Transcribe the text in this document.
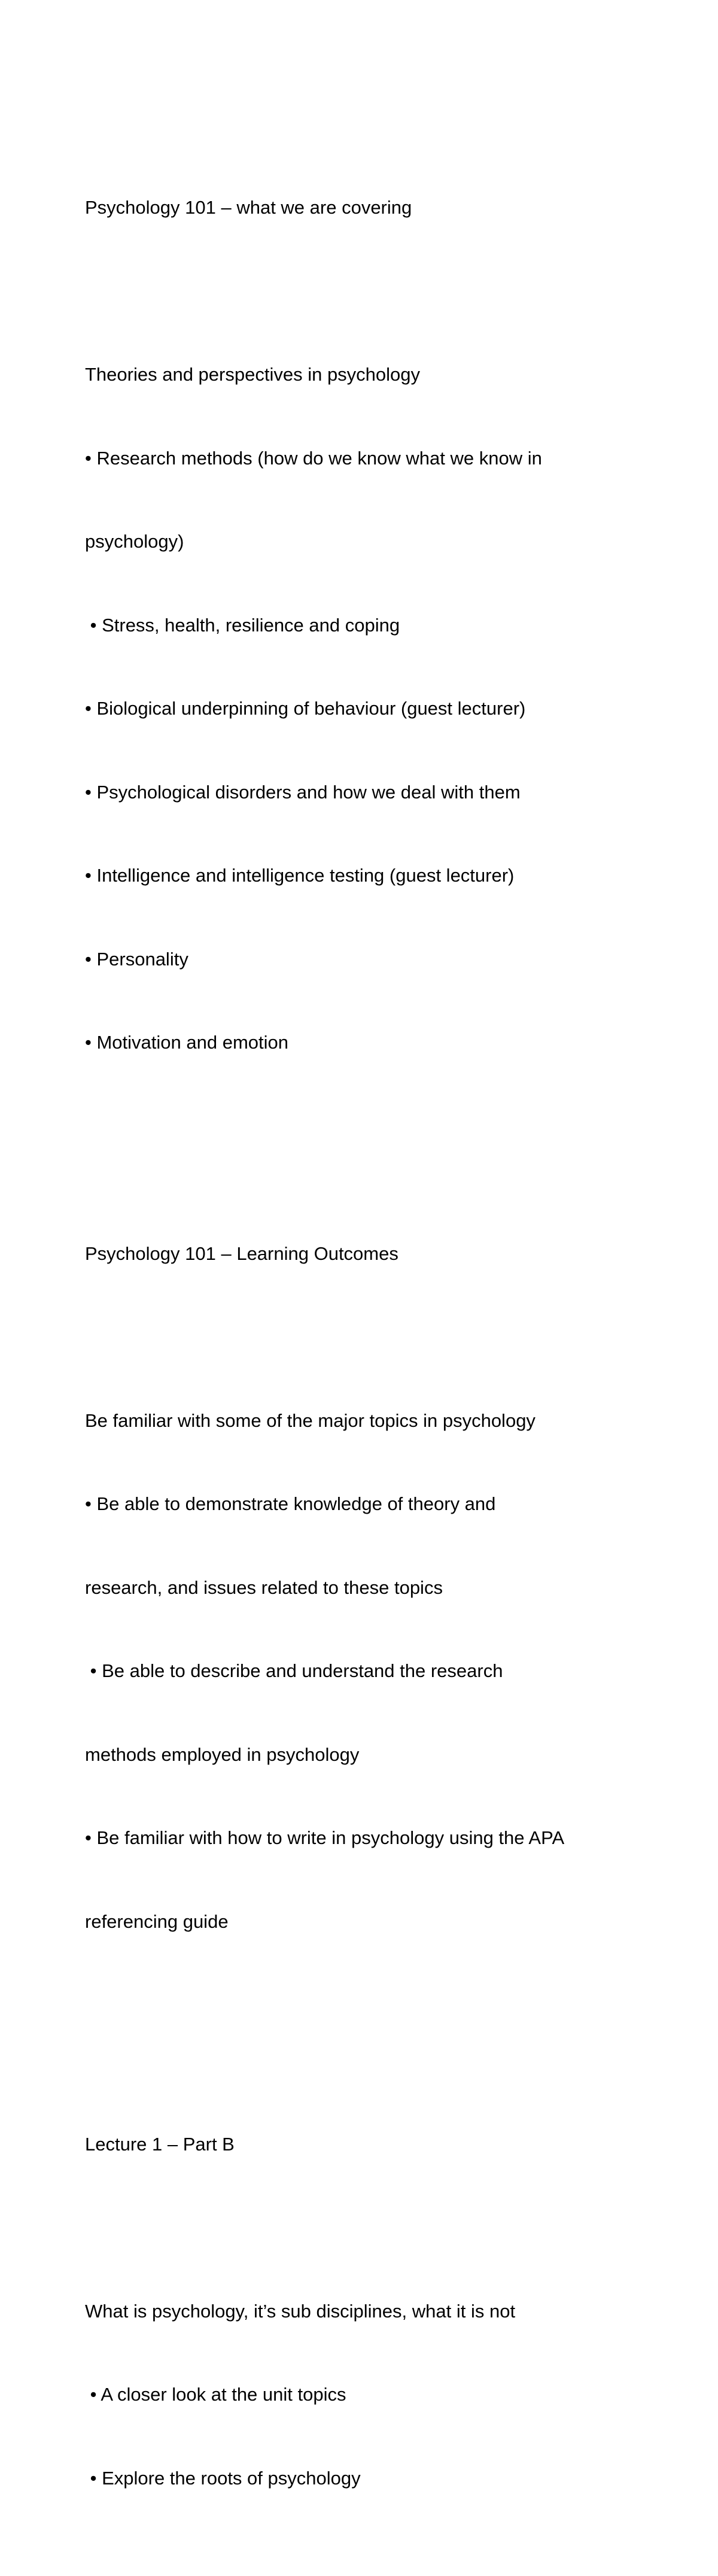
Psychology 101 – what we are covering

Theories and perspectives in psychology

• Research methods (how do we know what we know in

psychology)

• Stress, health, resilience and coping

• Biological underpinning of behaviour (guest lecturer)

• Psychological disorders and how we deal with them

• Intelligence and intelligence testing (guest lecturer)

• Personality

• Motivation and emotion

Psychology 101 – Learning Outcomes

Be familiar with some of the major topics in psychology

• Be able to demonstrate knowledge of theory and

research, and issues related to these topics

• Be able to describe and understand the research

methods employed in psychology

• Be familiar with how to write in psychology using the APA

referencing guide

Lecture 1 – Part B

What is psychology, it’s sub disciplines, what it is not

• A closer look at the unit topics

• Explore the roots of psychology
